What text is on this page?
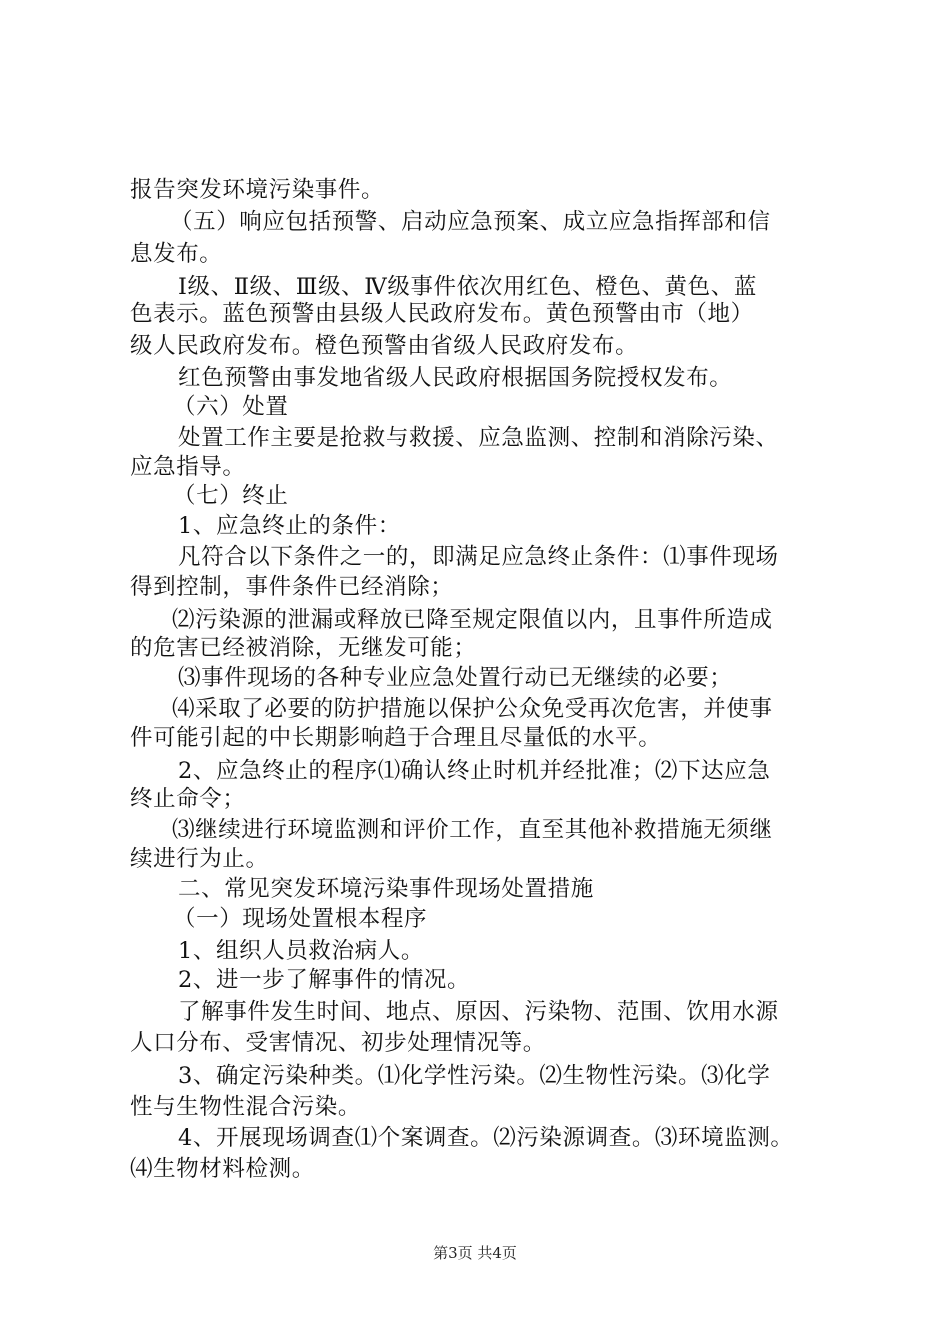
报告突发环境污染事件。
（五）响应包括预警、启动应急预案、成立应急指挥部和信
息发布。
Ⅰ级、Ⅱ级、Ⅲ级、Ⅳ级事件依次用红色、橙色、黄色、蓝
色表示。蓝色预警由县级人民政府发布。黄色预警由市（地）
级人民政府发布。橙色预警由省级人民政府发布。
红色预警由事发地省级人民政府根据国务院授权发布。
（六）处置
处置工作主要是抢救与救援、应急监测、控制和消除污染、
应急指导。
（七）终止
1、应急终止的条件：
凡符合以下条件之一的，即满足应急终止条件：⑴事件现场
得到控制，事件条件已经消除；
⑵污染源的泄漏或释放已降至规定限值以内，且事件所造成
的危害已经被消除，无继发可能；
⑶事件现场的各种专业应急处置行动已无继续的必要；
⑷采取了必要的防护措施以保护公众免受再次危害，并使事
件可能引起的中长期影响趋于合理且尽量低的水平。
2、应急终止的程序⑴确认终止时机并经批准；⑵下达应急
终止命令；
⑶继续进行环境监测和评价工作，直至其他补救措施无须继
续进行为止。
二、常见突发环境污染事件现场处置措施
（一）现场处置根本程序
1、组织人员救治病人。
2、进一步了解事件的情况。
了解事件发生时间、地点、原因、污染物、范围、饮用水源
人口分布、受害情况、初步处理情况等。
3、确定污染种类。⑴化学性污染。⑵生物性污染。⑶化学
性与生物性混合污染。
4、开展现场调查⑴个案调查。⑵污染源调查。⑶环境监测。
⑷生物材料检测。
第3页 共4页
